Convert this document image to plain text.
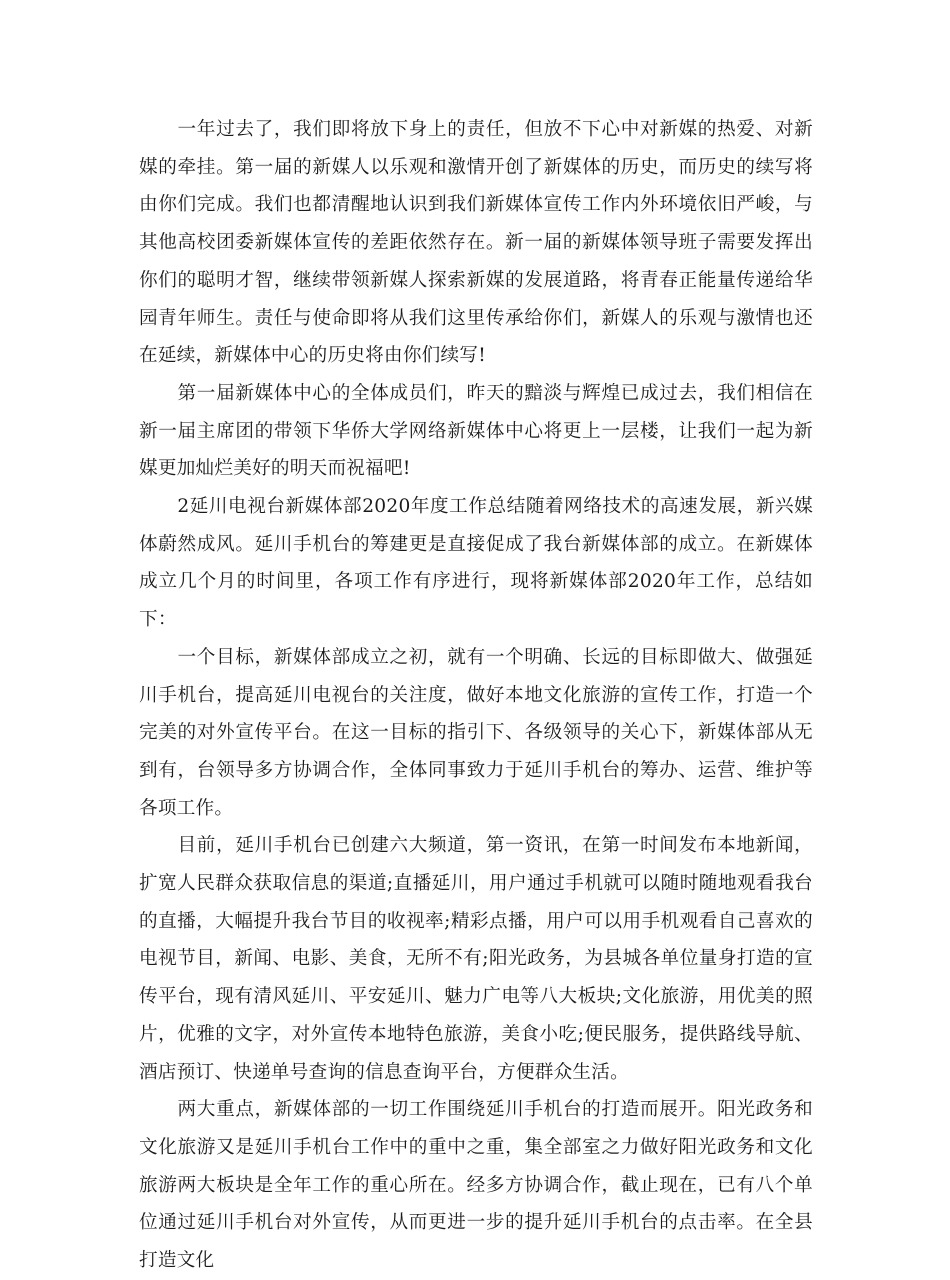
　　一年过去了，我们即将放下身上的责任，但放不下心中对新媒的热爱、对新媒的牵挂。第一届的新媒人以乐观和激情开创了新媒体的历史，而历史的续写将由你们完成。我们也都清醒地认识到我们新媒体宣传工作内外环境依旧严峻，与其他高校团委新媒体宣传的差距依然存在。新一届的新媒体领导班子需要发挥出你们的聪明才智，继续带领新媒人探索新媒的发展道路，将青春正能量传递给华园青年师生。责任与使命即将从我们这里传承给你们，新媒人的乐观与激情也还在延续，新媒体中心的历史将由你们续写!

　　第一届新媒体中心的全体成员们，昨天的黯淡与辉煌已成过去，我们相信在新一届主席团的带领下华侨大学网络新媒体中心将更上一层楼，让我们一起为新媒更加灿烂美好的明天而祝福吧!

　　2延川电视台新媒体部2020年度工作总结随着网络技术的高速发展，新兴媒体蔚然成风。延川手机台的筹建更是直接促成了我台新媒体部的成立。在新媒体成立几个月的时间里，各项工作有序进行，现将新媒体部2020年工作，总结如下：

　　一个目标，新媒体部成立之初，就有一个明确、长远的目标即做大、做强延川手机台，提高延川电视台的关注度，做好本地文化旅游的宣传工作，打造一个完美的对外宣传平台。在这一目标的指引下、各级领导的关心下，新媒体部从无到有，台领导多方协调合作，全体同事致力于延川手机台的筹办、运营、维护等各项工作。

　　目前，延川手机台已创建六大频道，第一资讯，在第一时间发布本地新闻，扩宽人民群众获取信息的渠道;直播延川，用户通过手机就可以随时随地观看我台的直播，大幅提升我台节目的收视率;精彩点播，用户可以用手机观看自己喜欢的电视节目，新闻、电影、美食，无所不有;阳光政务，为县城各单位量身打造的宣传平台，现有清风延川、平安延川、魅力广电等八大板块;文化旅游，用优美的照片，优雅的文字，对外宣传本地特色旅游，美食小吃;便民服务，提供路线导航、酒店预订、快递单号查询的信息查询平台，方便群众生活。

　　两大重点，新媒体部的一切工作围绕延川手机台的打造而展开。阳光政务和文化旅游又是延川手机台工作中的重中之重，集全部室之力做好阳光政务和文化旅游两大板块是全年工作的重心所在。经多方协调合作，截止现在，已有八个单位通过延川手机台对外宣传，从而更进一步的提升延川手机台的点击率。在全县打造文化
